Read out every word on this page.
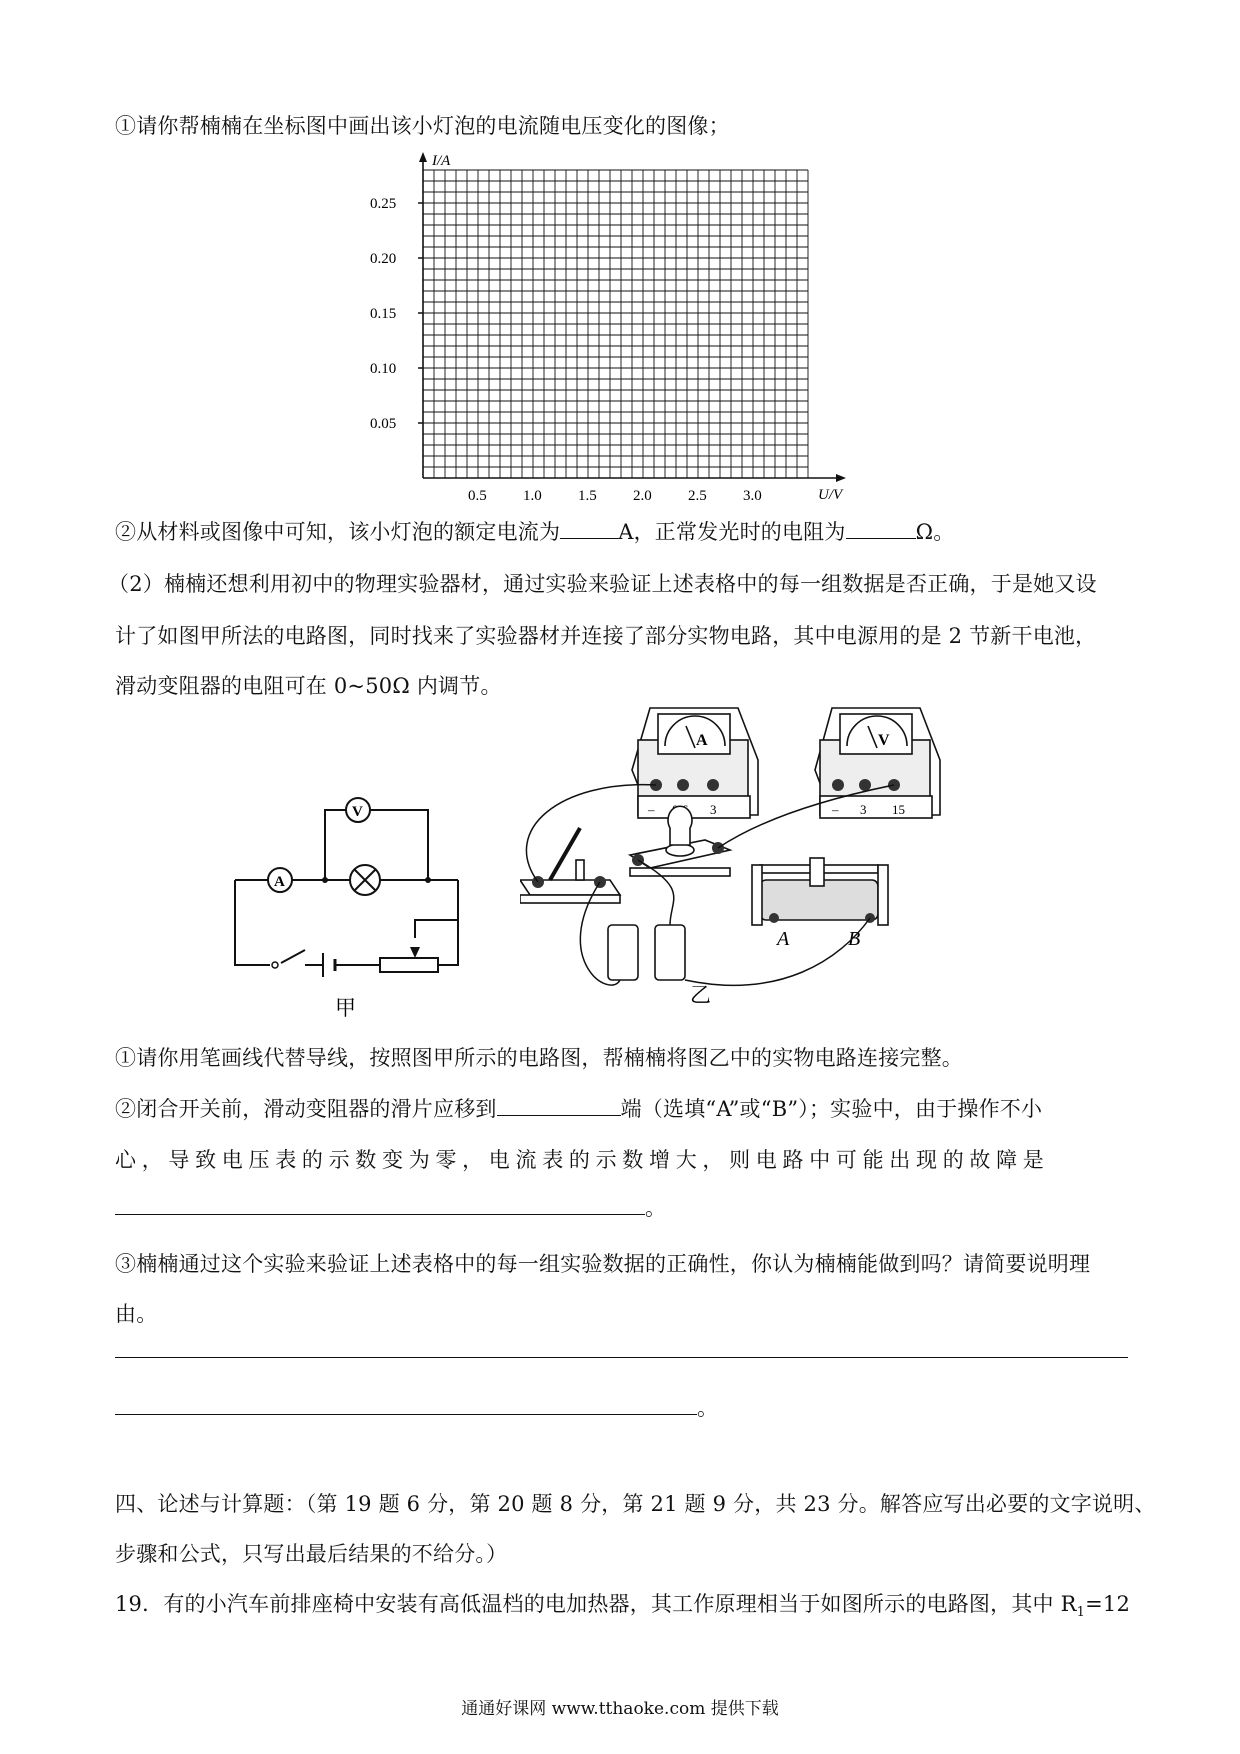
①请你帮楠楠在坐标图中画出该小灯泡的电流随电压变化的图像；
I/A
U/V
0.25
0.20
0.15
0.10
0.05
0.5 1.0 1.5 2.0 2.5 3.0
②从材料或图像中可知，该小灯泡的额定电流为	A，正常发光时的电阻为	Ω。
（2）楠楠还想利用初中的物理实验器材，通过实验来验证上述表格中的每一组数据是否正确，于是她又设
计了如图甲所法的电路图，同时找来了实验器材并连接了部分实物电路，其中电源用的是 2 节新干电池，
滑动变阻器的电阻可在 0~50Ω 内调节。
A
V
甲
A
–	3
V
– 3 15
A	B
乙
①请你用笔画线代替导线，按照图甲所示的电路图，帮楠楠将图乙中的实物电路连接完整。
②闭合开关前，滑动变阻器的滑片应移到	端（选填“A”或“B”）；实验中，由于操作不小
心，导致电压表的示数变为零，电流表的示数增大，则电路中可能出现的故障是
。
③楠楠通过这个实验来验证上述表格中的每一组实验数据的正确性，你认为楠楠能做到吗？请简要说明理
由。
。
四、论述与计算题：（第 19 题 6 分，第 20 题 8 分，第 21 题 9 分，共 23 分。解答应写出必要的文字说明、
步骤和公式，只写出最后结果的不给分。）
19．有的小汽车前排座椅中安装有高低温档的电加热器，其工作原理相当于如图所示的电路图，其中 $R_1=12$
通通好课网 www.tthaoke.com 提供下载
